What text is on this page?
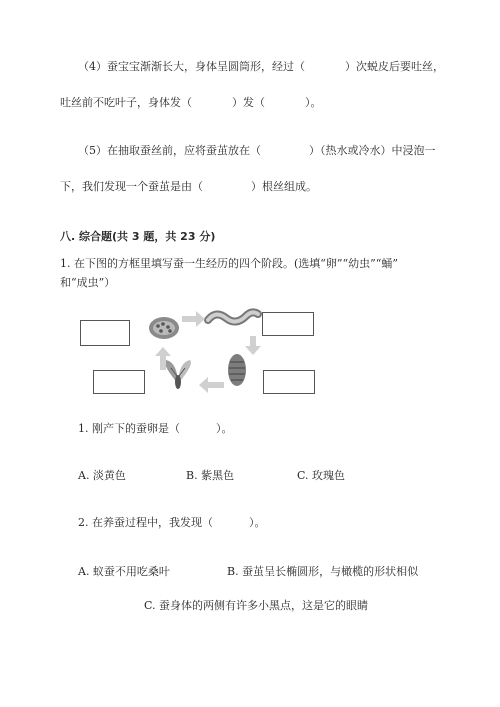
（4）蚕宝宝渐渐长大，身体呈圆筒形，经过（	）次蜕皮后要吐丝，
吐丝前不吃叶子，身体发（	）发（	）。
（5）在抽取蚕丝前，应将蚕茧放在（	）（热水或冷水）中浸泡一
下，我们发现一个蚕茧是由（	）根丝组成。
八. 综合题(共 3 题，共 23 分)
1. 在下图的方框里填写蚕一生经历的四个阶段。(选填“卵”“幼虫”“蛹”
和“成虫”）
1. 刚产下的蚕卵是（	）。
A. 淡黄色	B. 紫黑色	C. 玫瑰色
2. 在养蚕过程中，我发现（	）。
A. 蚁蚕不用吃桑叶	B. 蚕茧呈长椭圆形，与橄榄的形状相似
C. 蚕身体的两侧有许多小黑点，这是它的眼睛
